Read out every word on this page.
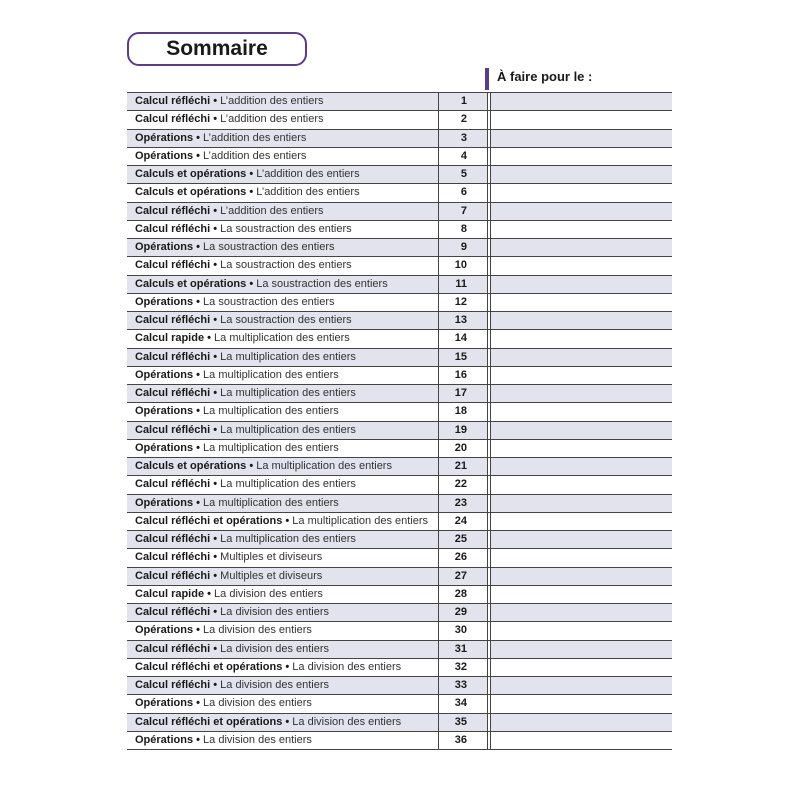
Sommaire
À faire pour le :
Calcul réfléchi • L’addition des entiers	1
Calcul réfléchi • L’addition des entiers	2
Opérations • L’addition des entiers	3
Opérations • L’addition des entiers	4
Calculs et opérations • L’addition des entiers	5
Calculs et opérations • L’addition des entiers	6
Calcul réfléchi • L’addition des entiers	7
Calcul réfléchi • La soustraction des entiers	8
Opérations • La soustraction des entiers	9
Calcul réfléchi • La soustraction des entiers	10
Calculs et opérations • La soustraction des entiers	11
Opérations • La soustraction des entiers	12
Calcul réfléchi • La soustraction des entiers	13
Calcul rapide • La multiplication des entiers	14
Calcul réfléchi • La multiplication des entiers	15
Opérations • La multiplication des entiers	16
Calcul réfléchi • La multiplication des entiers	17
Opérations • La multiplication des entiers	18
Calcul réfléchi • La multiplication des entiers	19
Opérations • La multiplication des entiers	20
Calculs et opérations • La multiplication des entiers	21
Calcul réfléchi • La multiplication des entiers	22
Opérations • La multiplication des entiers	23
Calcul réfléchi et opérations • La multiplication des entiers	24
Calcul réfléchi • La multiplication des entiers	25
Calcul réfléchi • Multiples et diviseurs	26
Calcul réfléchi • Multiples et diviseurs	27
Calcul rapide • La division des entiers	28
Calcul réfléchi • La division des entiers	29
Opérations • La division des entiers	30
Calcul réfléchi • La division des entiers	31
Calcul réfléchi et opérations • La division des entiers	32
Calcul réfléchi • La division des entiers	33
Opérations • La division des entiers	34
Calcul réfléchi et opérations • La division des entiers	35
Opérations • La division des entiers	36
